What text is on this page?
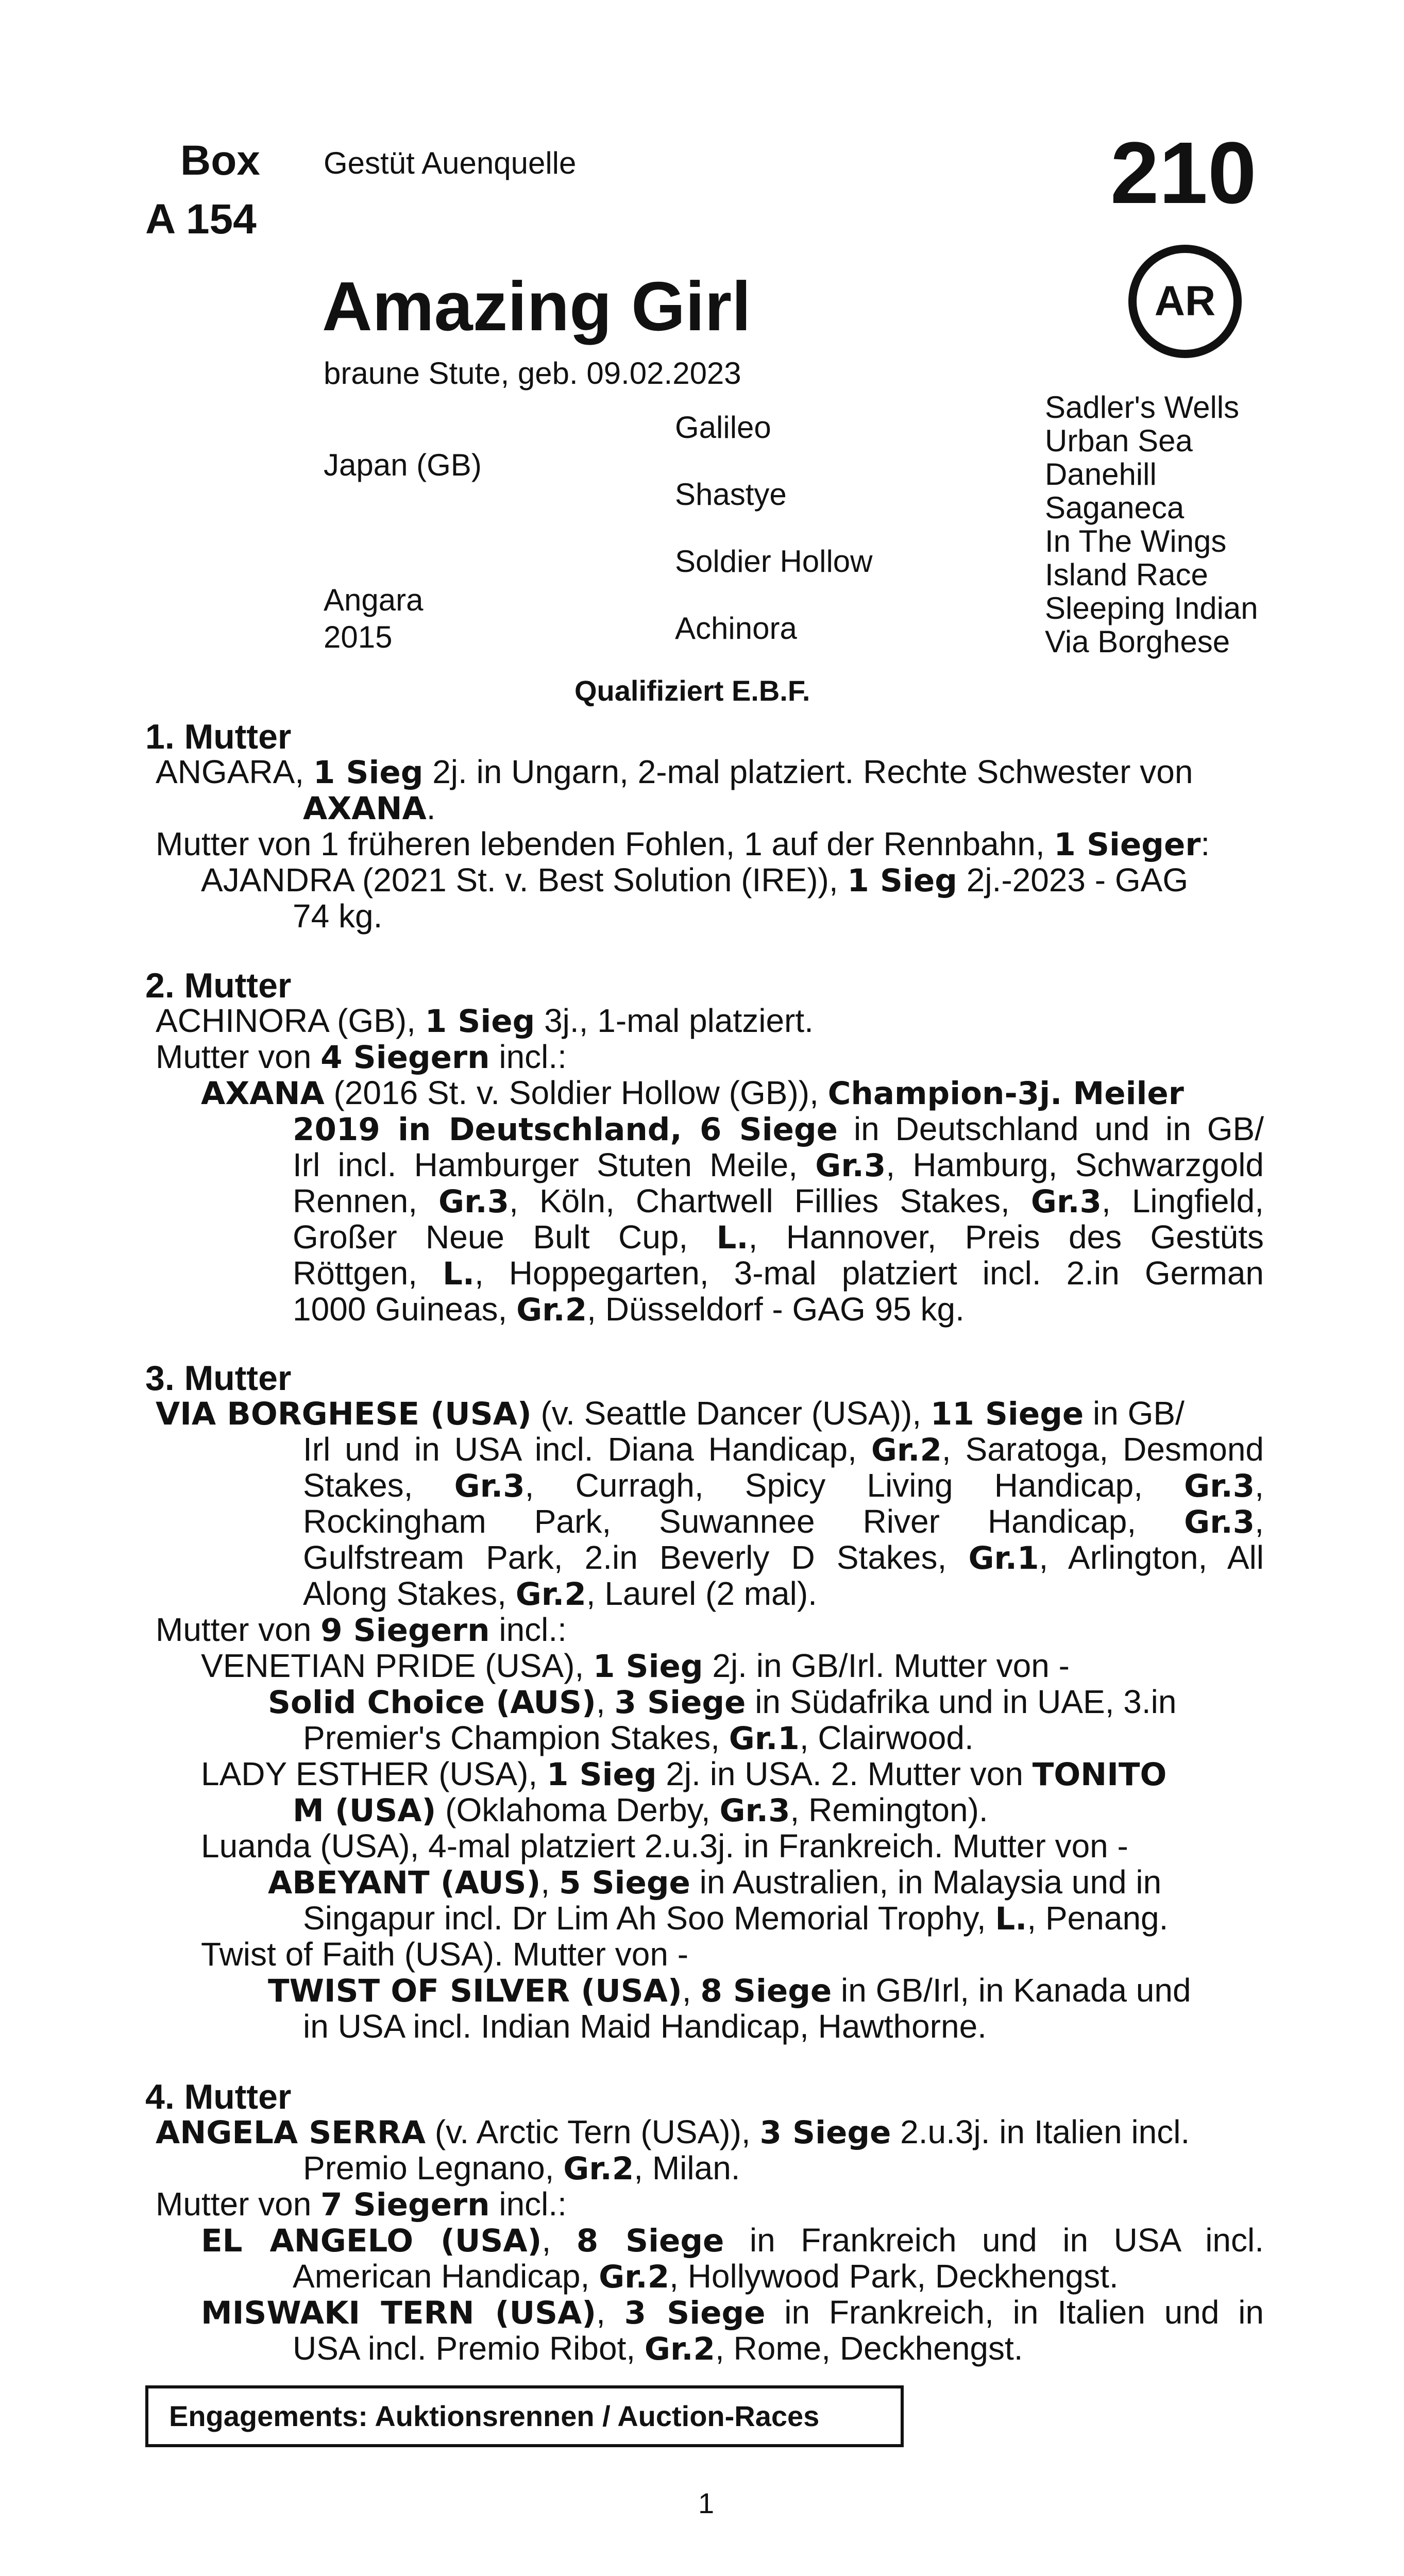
Box
A 154
Gestüt Auenquelle	210
AR
Amazing Girl
braune Stute, geb. 09.02.2023
Japan (GB)
Angara
2015
Galileo
Shastye
Soldier Hollow
Achinora
Sadler's Wells
Urban Sea
Danehill
Saganeca
In The Wings
Island Race
Sleeping Indian
Via Borghese
Qualifiziert E.B.F.
1. Mutter
ANGARA, 1 Sieg 2j. in Ungarn, 2-mal platziert. Rechte Schwester von
AXANA.
Mutter von 1 früheren lebenden Fohlen, 1 auf der Rennbahn, 1 Sieger:
AJANDRA (2021 St. v. Best Solution (IRE)), 1 Sieg 2j.-2023 - GAG
74 kg.
2. Mutter
ACHINORA (GB), 1 Sieg 3j., 1-mal platziert.
Mutter von 4 Siegern incl.:
AXANA (2016 St. v. Soldier Hollow (GB)), Champion-3j. Meiler
2019 in Deutschland, 6 Siege in Deutschland und in GB/
Irl incl. Hamburger Stuten Meile, Gr.3, Hamburg, Schwarzgold
Rennen, Gr.3, Köln, Chartwell Fillies Stakes, Gr.3, Lingfield,
Großer Neue Bult Cup, L., Hannover, Preis des Gestüts
Röttgen, L., Hoppegarten, 3-mal platziert incl. 2.in German
1000 Guineas, Gr.2, Düsseldorf - GAG 95 kg.
3. Mutter
VIA BORGHESE (USA) (v. Seattle Dancer (USA)), 11 Siege in GB/
Irl und in USA incl. Diana Handicap, Gr.2, Saratoga, Desmond
Stakes, Gr.3, Curragh, Spicy Living Handicap, Gr.3,
Rockingham Park, Suwannee River Handicap, Gr.3,
Gulfstream Park, 2.in Beverly D Stakes, Gr.1, Arlington, All
Along Stakes, Gr.2, Laurel (2 mal).
Mutter von 9 Siegern incl.:
VENETIAN PRIDE (USA), 1 Sieg 2j. in GB/Irl. Mutter von -
Solid Choice (AUS), 3 Siege in Südafrika und in UAE, 3.in
Premier's Champion Stakes, Gr.1, Clairwood.
LADY ESTHER (USA), 1 Sieg 2j. in USA. 2. Mutter von TONITO
M (USA) (Oklahoma Derby, Gr.3, Remington).
Luanda (USA), 4-mal platziert 2.u.3j. in Frankreich. Mutter von -
ABEYANT (AUS), 5 Siege in Australien, in Malaysia und in
Singapur incl. Dr Lim Ah Soo Memorial Trophy, L., Penang.
Twist of Faith (USA). Mutter von -
TWIST OF SILVER (USA), 8 Siege in GB/Irl, in Kanada und
in USA incl. Indian Maid Handicap, Hawthorne.
4. Mutter
ANGELA SERRA (v. Arctic Tern (USA)), 3 Siege 2.u.3j. in Italien incl.
Premio Legnano, Gr.2, Milan.
Mutter von 7 Siegern incl.:
EL ANGELO (USA), 8 Siege in Frankreich und in USA incl.
American Handicap, Gr.2, Hollywood Park, Deckhengst.
MISWAKI TERN (USA), 3 Siege in Frankreich, in Italien und in
USA incl. Premio Ribot, Gr.2, Rome, Deckhengst.
Engagements: Auktionsrennen / Auction-Races
1
